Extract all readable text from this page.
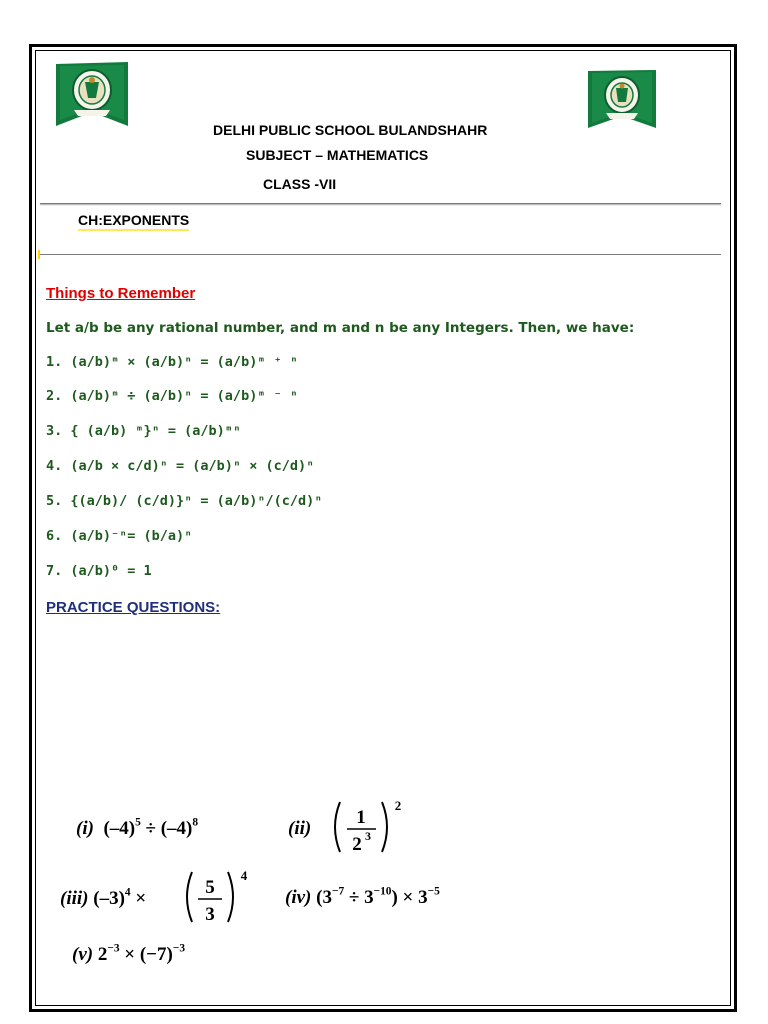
DELHI PUBLIC SCHOOL BULANDSHAHR
SUBJECT – MATHEMATICS
CLASS -VII
CH:EXPONENTS
Things to Remember
Let a/b be any rational number, and m and n be any Integers. Then, we have:
1. (a/b)ᵐ × (a/b)ⁿ = (a/b)ᵐ ⁺ ⁿ
2. (a/b)ᵐ ÷ (a/b)ⁿ = (a/b)ᵐ ⁻ ⁿ
3. { (a/b) ᵐ}ⁿ = (a/b)ᵐⁿ
4. (a/b × c/d)ⁿ = (a/b)ⁿ × (c/d)ⁿ
5. {(a/b)/ (c/d)}ⁿ = (a/b)ⁿ/(c/d)ⁿ
6. (a/b)⁻ⁿ= (b/a)ⁿ
7. (a/b)⁰ = 1
PRACTICE QUESTIONS:
(i) $(-4)^5 \div (-4)^8$	(ii)
1
2 3
2
(iii) $(-3)^4$ ×
5
3
4
(iv) $(3^{-7} \div 3^{-10}) \times 3^{-5}$
(v) $2^{-3} \times (-7)^{-3}$
